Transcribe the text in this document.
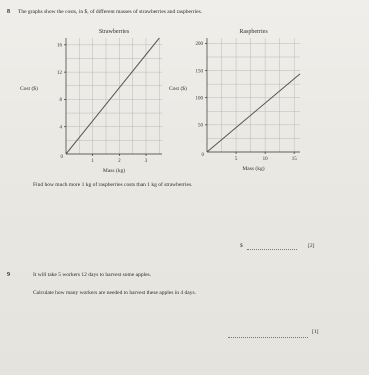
8 The graphs show the costs, in $, of different masses of strawberries and raspberries.
1	2	3
4
8
12
16
0
Strawberries
Mass (kg)
Cost ($)
5	10	15
50
100
150
200
0
Raspberries
Mass (kg)
Cost ($)
Find how much more 1 kg of raspberries costs than 1 kg of strawberries.
$	[2]
9	It will take 5 workers 12 days to harvest some apples.
Calculate how many workers are needed to harvest these apples in 4 days.
[1]
